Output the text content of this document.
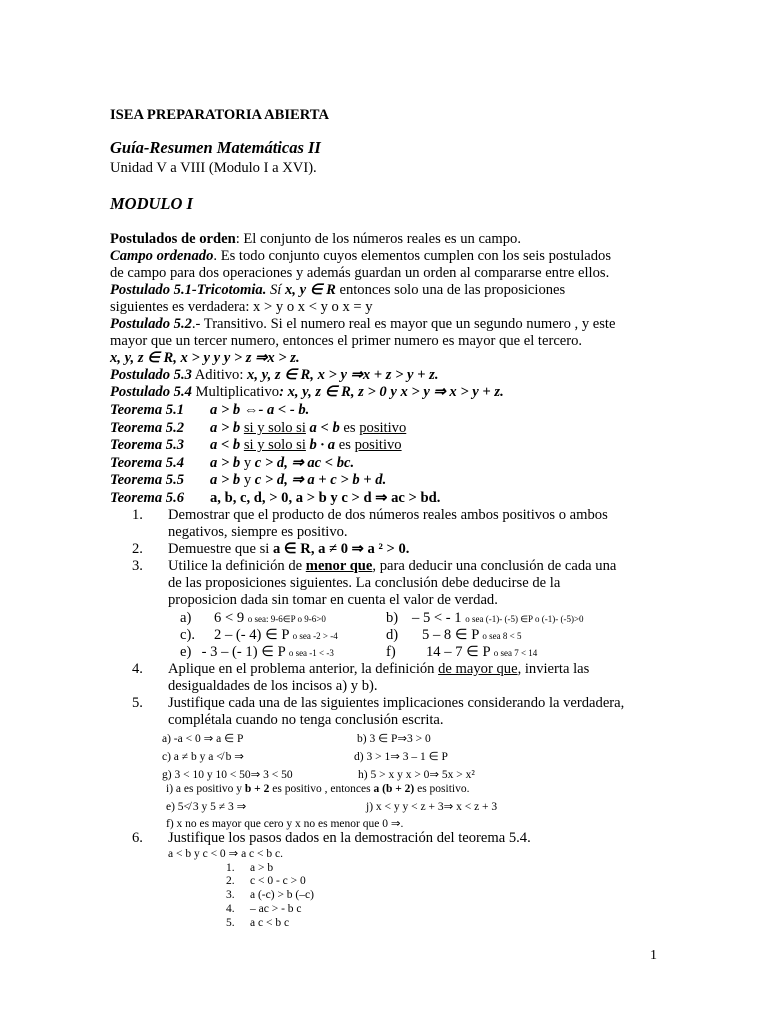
ISEA PREPARATORIA ABIERTA
Guía-Resumen Matemáticas II
Unidad V a VIII (Modulo I a XVI).
MODULO I
Postulados de orden: El conjunto de los números reales es un campo.
Campo ordenado. Es todo conjunto cuyos elementos cumplen con los seis postulados
de campo para dos operaciones y además guardan un orden al compararse entre ellos.
Postulado 5.1-Tricotomia. Sí x, y ∈ R entonces solo una de las proposiciones
siguientes es verdadera: x > y o x < y o x = y
Postulado 5.2.- Transitivo. Si el numero real es mayor que un segundo numero , y este
mayor que un tercer numero, entonces el primer numero es mayor que el tercero.
x, y, z ∈ R, x > y y y > z ⇒x > z.
Postulado 5.3 Aditivo: x, y, z ∈ R, x > y ⇒x + z > y + z.
Postulado 5.4 Multiplicativo: x, y, z ∈ R, z > 0 y x > y ⇒ x > y + z.
Teorema 5.1 a > b ⇔- a < - b.
Teorema 5.2 a > b si y solo si a < b es positivo
Teorema 5.3 a < b si y solo si b · a es positivo
Teorema 5.4 a > b y c > d, ⇒ ac < bc.
Teorema 5.5 a > b y c > d, ⇒ a + c > b + d.
Teorema 5.6 a, b, c, d, > 0, a > b y c > d ⇒ ac > bd.
1. Demostrar que el producto de dos números reales ambos positivos o ambos
negativos, siempre es positivo.
2. Demuestre que si a ∈ R, a ≠ 0 ⇒ a ² > 0.
3. Utilice la definición de menor que, para deducir una conclusión de cada una
de las proposiciones siguientes. La conclusión debe deducirse de la
proposicion dada sin tomar en cuenta el valor de verdad.
a) 6 < 9 o sea: 9-6∈P o 9-6>0	b) – 5 < - 1 o sea (-1)- (-5) ∈P o (-1)- (-5)>0
c). 2 – (- 4) ∈ P o sea -2 > -4	d) 5 – 8 ∈ P o sea 8 < 5
e) - 3 – (- 1) ∈ P o sea -1 < -3	f) 14 – 7 ∈ P o sea 7 < 14
4. Aplique en el problema anterior, la definición de mayor que, invierta las
desigualdades de los incisos a) y b).
5. Justifique cada una de las siguientes implicaciones considerando la verdadera,
complétala cuando no tenga conclusión escrita.
a) -a < 0 ⇒ a ∈ P	b) 3 ∈ P⇒3 > 0
c) a ≠ b y a ≮ b ⇒	d) 3 > 1⇒ 3 – 1 ∈ P
g) 3 < 10 y 10 < 50⇒ 3 < 50	h) 5 > x y x > 0⇒ 5x > x²
i) a es positivo y b + 2 es positivo , entonces a (b + 2) es positivo.
e) 5≮ 3 y 5 ≠ 3 ⇒	j) x < y y < z + 3⇒ x < z + 3
f) x no es mayor que cero y x no es menor que 0 ⇒.
6. Justifique los pasos dados en la demostración del teorema 5.4.
a < b y c < 0 ⇒ a c < b c.
1. a > b
2. c < 0 - c > 0
3. a (-c) > b (–c)
4. – ac > - b c
5. a c < b c
1
